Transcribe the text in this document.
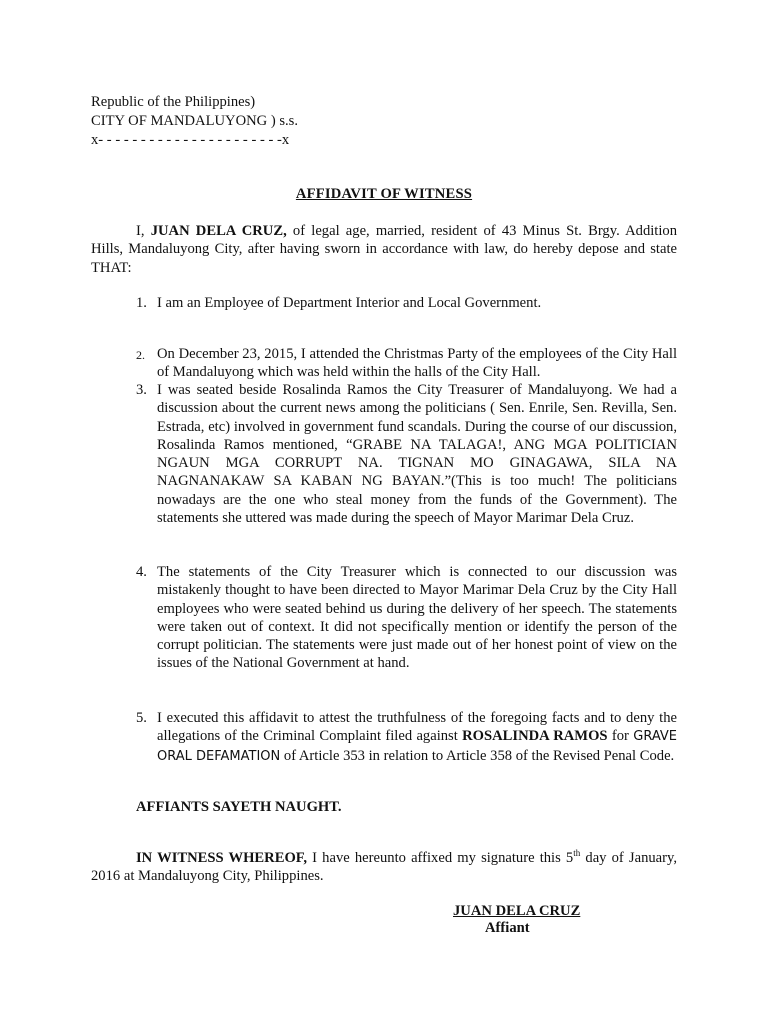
Republic of the Philippines)
CITY OF MANDALUYONG ) s.s.
x- - - - - - - - - - - - - - - - - - - - - -x
AFFIDAVIT OF WITNESS
I, JUAN DELA CRUZ, of legal age, married, resident of 43 Minus St. Brgy. Addition Hills, Mandaluyong City, after having sworn in accordance with law, do hereby depose and state THAT:
1. I am an Employee of Department Interior and Local Government.
2. On December 23, 2015, I attended the Christmas Party of the employees of the City Hall of Mandaluyong which was held within the halls of the City Hall.
3. I was seated beside Rosalinda Ramos the City Treasurer of Mandaluyong. We had a discussion about the current news among the politicians ( Sen. Enrile, Sen. Revilla, Sen. Estrada, etc) involved in government fund scandals. During the course of our discussion, Rosalinda Ramos mentioned, “GRABE NA TALAGA!, ANG MGA POLITICIAN NGAUN MGA CORRUPT NA. TIGNAN MO GINAGAWA, SILA NA NAGNANAKAW SA KABAN NG BAYAN.”(This is too much! The politicians nowadays are the one who steal money from the funds of the Government). The statements she uttered was made during the speech of Mayor Marimar Dela Cruz.
4. The statements of the City Treasurer which is connected to our discussion was mistakenly thought to have been directed to Mayor Marimar Dela Cruz by the City Hall employees who were seated behind us during the delivery of her speech. The statements were taken out of context. It did not specifically mention or identify the person of the corrupt politician. The statements were just made out of her honest point of view on the issues of the National Government at hand.
5. I executed this affidavit to attest the truthfulness of the foregoing facts and to deny the allegations of the Criminal Complaint filed against ROSALINDA RAMOS for GRAVE ORAL DEFAMATION of Article 353 in relation to Article 358 of the Revised Penal Code.
AFFIANTS SAYETH NAUGHT.
IN WITNESS WHEREOF, I have hereunto affixed my signature this 5th day of January, 2016 at Mandaluyong City, Philippines.
JUAN DELA CRUZ
Affiant
